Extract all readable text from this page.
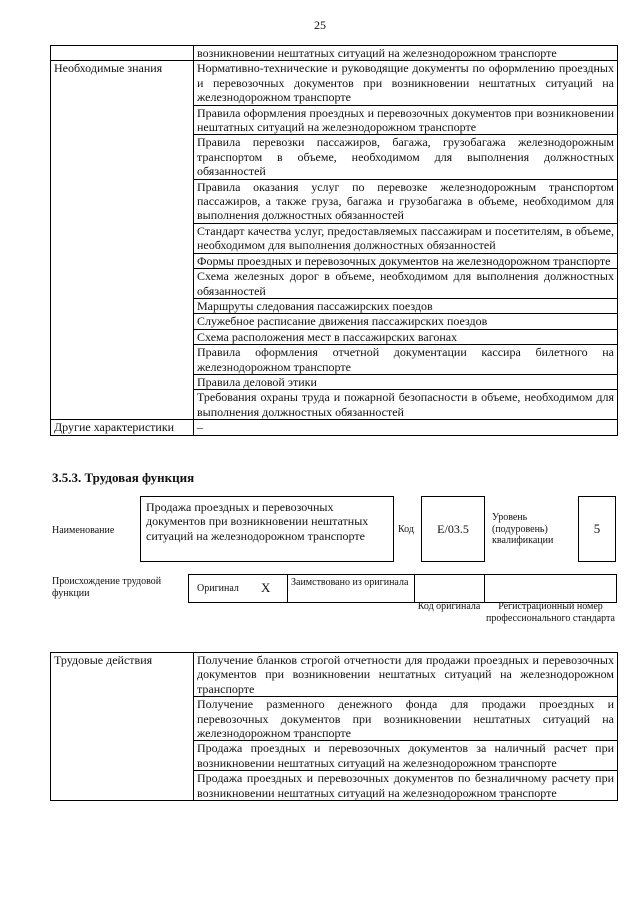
25
	возникновении нештатных ситуаций на железнодорожном транспорте
Необходимые знания	Нормативно-технические и руководящие документы по оформлению проездных и перевозочных документов при возникновении нештатных ситуаций на железнодорожном транспорте
	Правила оформления проездных и перевозочных документов при возникновении нештатных ситуаций на железнодорожном транспорте
	Правила перевозки пассажиров, багажа, грузобагажа железнодорожным транспортом в объеме, необходимом для выполнения должностных обязанностей
	Правила оказания услуг по перевозке железнодорожным транспортом пассажиров, а также груза, багажа и грузобагажа в объеме, необходимом для выполнения должностных обязанностей
	Стандарт качества услуг, предоставляемых пассажирам и посетителям, в объеме, необходимом для выполнения должностных обязанностей
	Формы проездных и перевозочных документов на железнодорожном транспорте
	Схема железных дорог в объеме, необходимом для выполнения должностных обязанностей
	Маршруты следования пассажирских поездов
	Служебное расписание движения пассажирских поездов
	Схема расположения мест в пассажирских вагонах
	Правила оформления отчетной документации кассира билетного на железнодорожном транспорте
	Правила деловой этики
	Требования охраны труда и пожарной безопасности в объеме, необходимом для выполнения должностных обязанностей
Другие характеристики	–
3.5.3. Трудовая функция
Наименование
Продажа проездных и перевозочных документов при возникновении нештатных ситуаций на железнодорожном транспорте	Код E/03.5
Уровень (подуровень) квалификации
5
Происхождение трудовой функции	Оригинал X Заимствовано из оригинала
Код оригинала	Регистрационный номер профессионального стандарта
Трудовые действия	Получение бланков строгой отчетности для продажи проездных и перевозочных документов при возникновении нештатных ситуаций на железнодорожном транспорте
Получение разменного денежного фонда для продажи проездных и перевозочных документов при возникновении нештатных ситуаций на железнодорожном транспорте
Продажа проездных и перевозочных документов за наличный расчет при возникновении нештатных ситуаций на железнодорожном транспорте
Продажа проездных и перевозочных документов по безналичному расчету при возникновении нештатных ситуаций на железнодорожном транспорте
